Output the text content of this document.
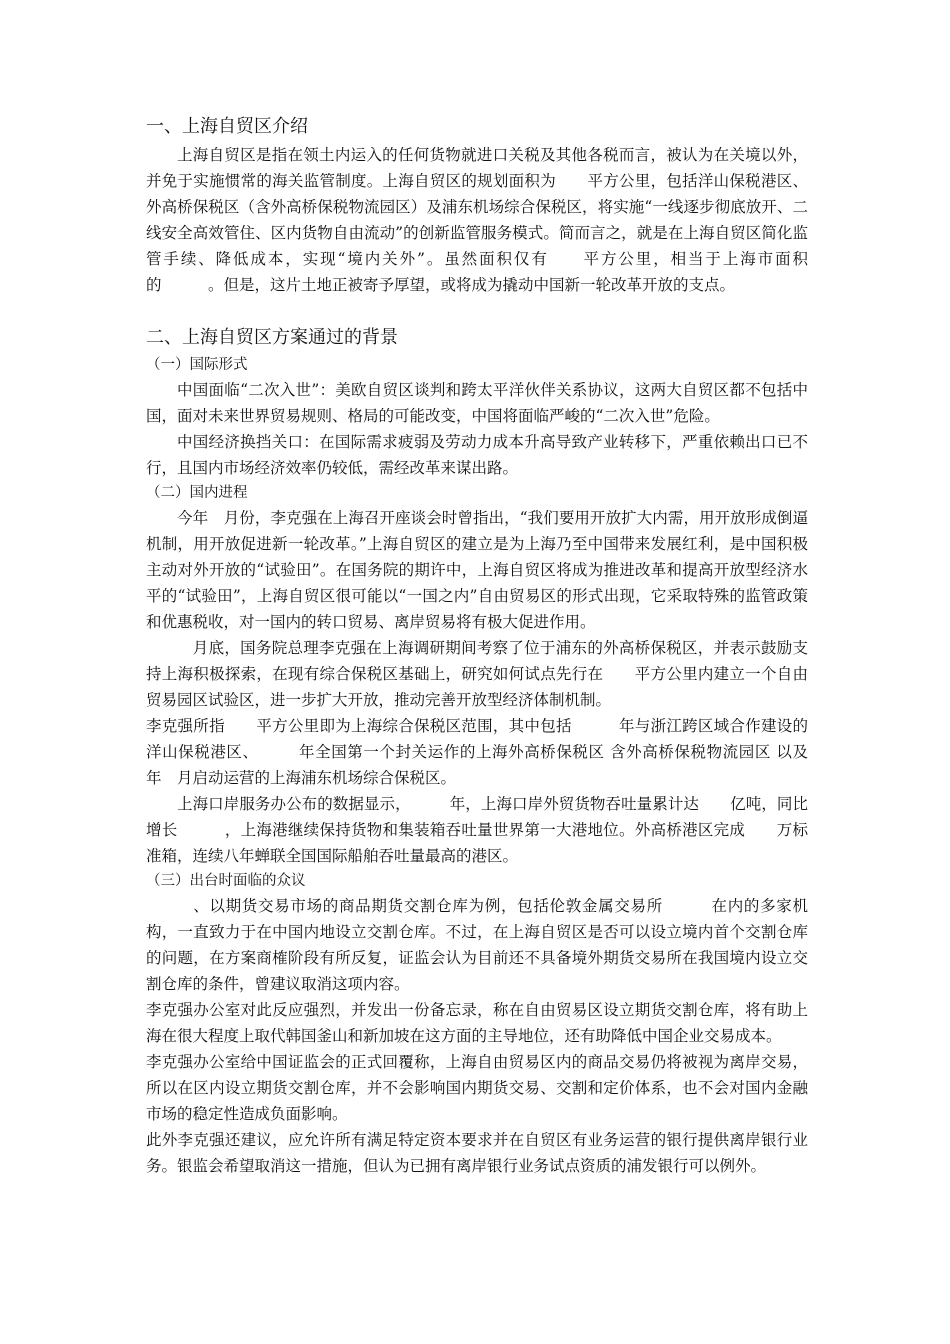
一、上海自贸区介绍

上海自贸区是指在领土内运入的任何货物就进口关税及其他各税而言，被认为在关境以外，并免于实施惯常的海关监管制度。上海自贸区的规划面积为　　平方公里，包括洋山保税港区、外高桥保税区（含外高桥保税物流园区）及浦东机场综合保税区，将实施“一线逐步彻底放开、二线安全高效管住、区内货物自由流动”的创新监管服务模式。简而言之，就是在上海自贸区简化监管手续、降低成本，实现“境内关外”。虽然面积仅有　　平方公里，相当于上海市面积的　　　。但是，这片土地正被寄予厚望，或将成为撬动中国新一轮改革开放的支点。

二、上海自贸区方案通过的背景
（一）国际形式

中国面临“二次入世”：美欧自贸区谈判和跨太平洋伙伴关系协议，这两大自贸区都不包括中国，面对未来世界贸易规则、格局的可能改变，中国将面临严峻的“二次入世”危险。

中国经济换挡关口：在国际需求疲弱及劳动力成本升高导致产业转移下，严重依赖出口已不行，且国内市场经济效率仍较低，需经改革来谋出路。

（二）国内进程

今年　月份，李克强在上海召开座谈会时曾指出，“我们要用开放扩大内需，用开放形成倒逼机制，用开放促进新一轮改革。”上海自贸区的建立是为上海乃至中国带来发展红利，是中国积极主动对外开放的“试验田”。在国务院的期许中，上海自贸区将成为推进改革和提高开放型经济水平的“试验田”，上海自贸区很可能以“一国之内”自由贸易区的形式出现，它采取特殊的监管政策和优惠税收，对一国内的转口贸易、离岸贸易将有极大促进作用。

　月底，国务院总理李克强在上海调研期间考察了位于浦东的外高桥保税区，并表示鼓励支持上海积极探索，在现有综合保税区基础上，研究如何试点先行在　　平方公里内建立一个自由贸易园区试验区，进一步扩大开放，推动完善开放型经济体制机制。

李克强所指　　平方公里即为上海综合保税区范围，其中包括　　　年与浙江跨区域合作建设的洋山保税港区、　　　年全国第一个封关运作的上海外高桥保税区 含外高桥保税物流园区 以及　　　年　月启动运营的上海浦东机场综合保税区。

上海口岸服务办公布的数据显示，　　　年，上海口岸外贸货物吞吐量累计达　　亿吨，同比增长　　　，上海港继续保持货物和集装箱吞吐量世界第一大港地位。外高桥港区完成　　万标准箱，连续八年蝉联全国国际船舶吞吐量最高的港区。

（三）出台时面临的众议

　、以期货交易市场的商品期货交割仓库为例，包括伦敦金属交易所　　　在内的多家机构，一直致力于在中国内地设立交割仓库。不过，在上海自贸区是否可以设立境内首个交割仓库的问题，在方案商榷阶段有所反复，证监会认为目前还不具备境外期货交易所在我国境内设立交割仓库的条件，曾建议取消这项内容。

李克强办公室对此反应强烈，并发出一份备忘录，称在自由贸易区设立期货交割仓库，将有助上海在很大程度上取代韩国釜山和新加坡在这方面的主导地位，还有助降低中国企业交易成本。

李克强办公室给中国证监会的正式回覆称，上海自由贸易区内的商品交易仍将被视为离岸交易，所以在区内设立期货交割仓库，并不会影响国内期货交易、交割和定价体系，也不会对国内金融市场的稳定性造成负面影响。

此外李克强还建议，应允许所有满足特定资本要求并在自贸区有业务运营的银行提供离岸银行业务。银监会希望取消这一措施，但认为已拥有离岸银行业务试点资质的浦发银行可以例外。
